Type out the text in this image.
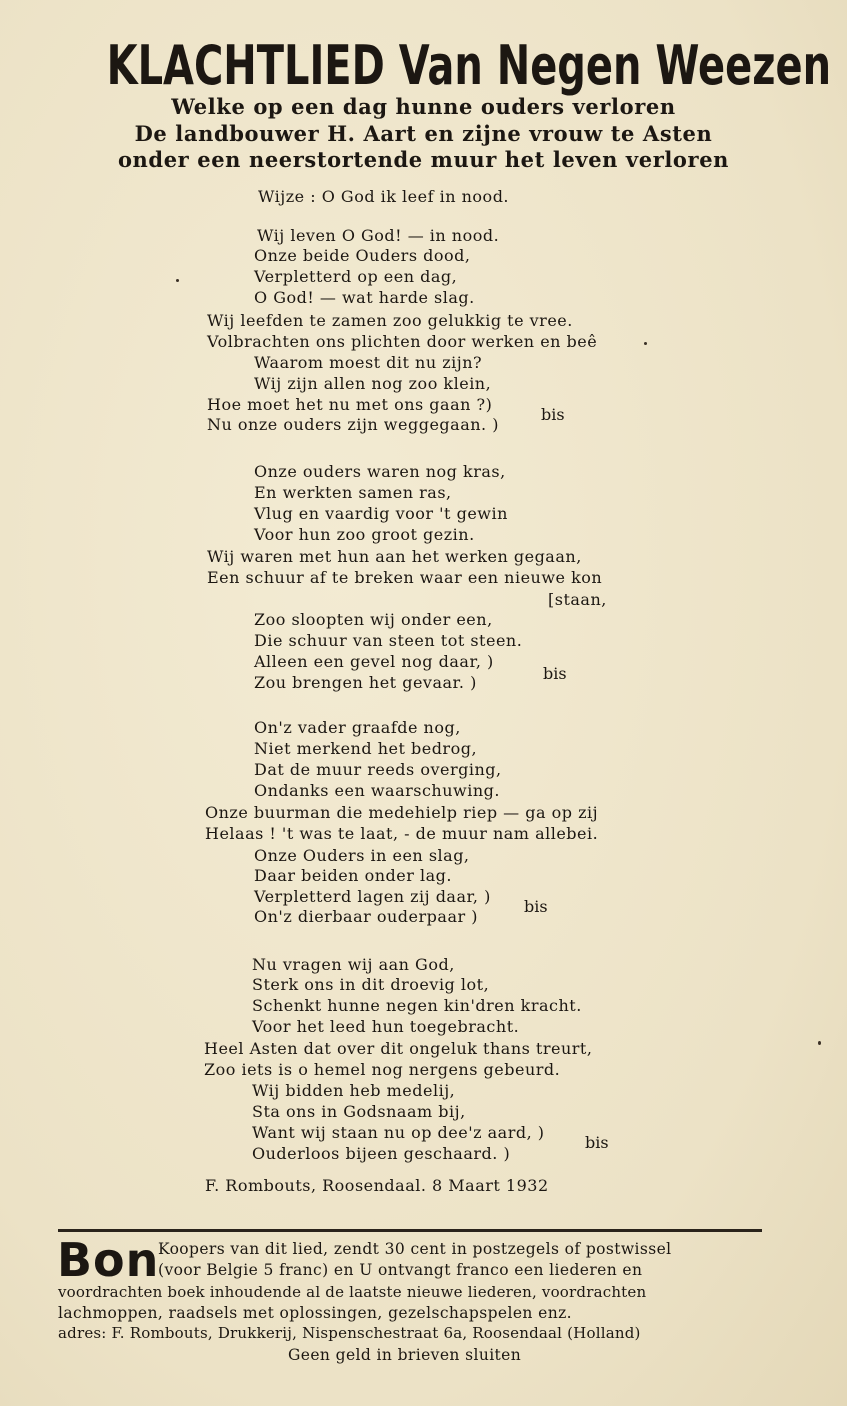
KLACHTLIED Van Negen Weezen
Welke op een dag hunne ouders verloren
De landbouwer H. Aart en zijne vrouw te Asten
onder een neerstortende muur het leven verloren
Wijze : O God ik leef in nood.
Wij leven O God! — in nood.
Onze beide Ouders dood,
Verpletterd op een dag,
O God! — wat harde slag.
Wij leefden te zamen zoo gelukkig te vree.
Volbrachten ons plichten door werken en beê
Waarom moest dit nu zijn?
Wij zijn allen nog zoo klein,
Hoe moet het nu met ons gaan ?)
Nu onze ouders zijn weggegaan. )
bis
Onze ouders waren nog kras,
En werkten samen ras,
Vlug en vaardig voor 't gewin
Voor hun zoo groot gezin.
Wij waren met hun aan het werken gegaan,
Een schuur af te breken waar een nieuwe kon
[staan,
Zoo sloopten wij onder een,
Die schuur van steen tot steen.
Alleen een gevel nog daar, )
Zou brengen het gevaar. )	bis
On'z vader graafde nog,
Niet merkend het bedrog,
Dat de muur reeds overging,
Ondanks een waarschuwing.
Onze buurman die medehielp riep — ga op zij
Helaas ! 't was te laat, - de muur nam allebei.
Onze Ouders in een slag,
Daar beiden onder lag.
Verpletterd lagen zij daar, )
On'z dierbaar ouderpaar )
bis
Nu vragen wij aan God,
Sterk ons in dit droevig lot,
Schenkt hunne negen kin'dren kracht.
Voor het leed hun toegebracht.
Heel Asten dat over dit ongeluk thans treurt,
Zoo iets is o hemel nog nergens gebeurd.
Wij bidden heb medelij,
Sta ons in Godsnaam bij,
Want wij staan nu op dee'z aard, )
Ouderloos bijeen geschaard. )
bis
F. Rombouts, Roosendaal. 8 Maart 1932
Bon
Koopers van dit lied, zendt 30 cent in postzegels of postwissel
(voor Belgie 5 franc) en U ontvangt franco een liederen en
voordrachten boek inhoudende al de laatste nieuwe liederen, voordrachten
lachmoppen, raadsels met oplossingen, gezelschapspelen enz.
adres: F. Rombouts, Drukkerij, Nispenschestraat 6a, Roosendaal (Holland)
Geen geld in brieven sluiten
